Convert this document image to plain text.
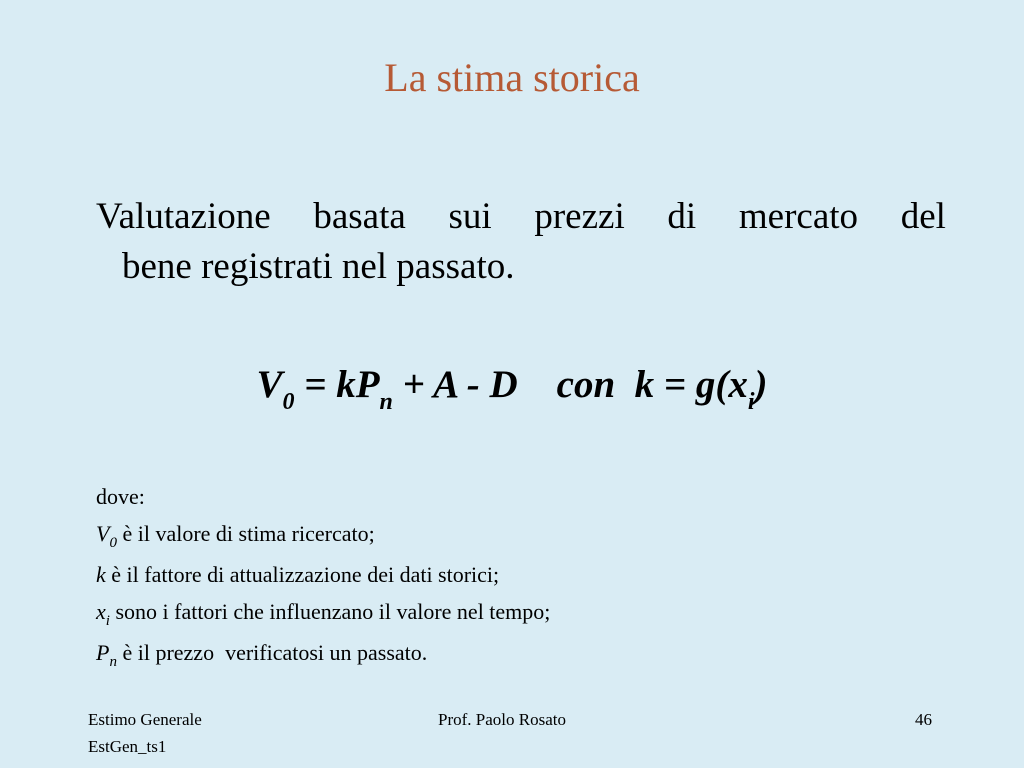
La stima storica
Valutazione basata sui prezzi di mercato del
bene registrati nel passato.
$V_0 = kP_n + A - D$    con  $k = g(x_i)$
dove:
$V_0$ è il valore di stima ricercato;
k è il fattore di attualizzazione dei dati storici;
$x_i$ sono i fattori che influenzano il valore nel tempo;
$P_n$ è il prezzo  verificatosi un passato.
Estimo Generale
EstGen_ts1
Prof. Paolo Rosato	46
